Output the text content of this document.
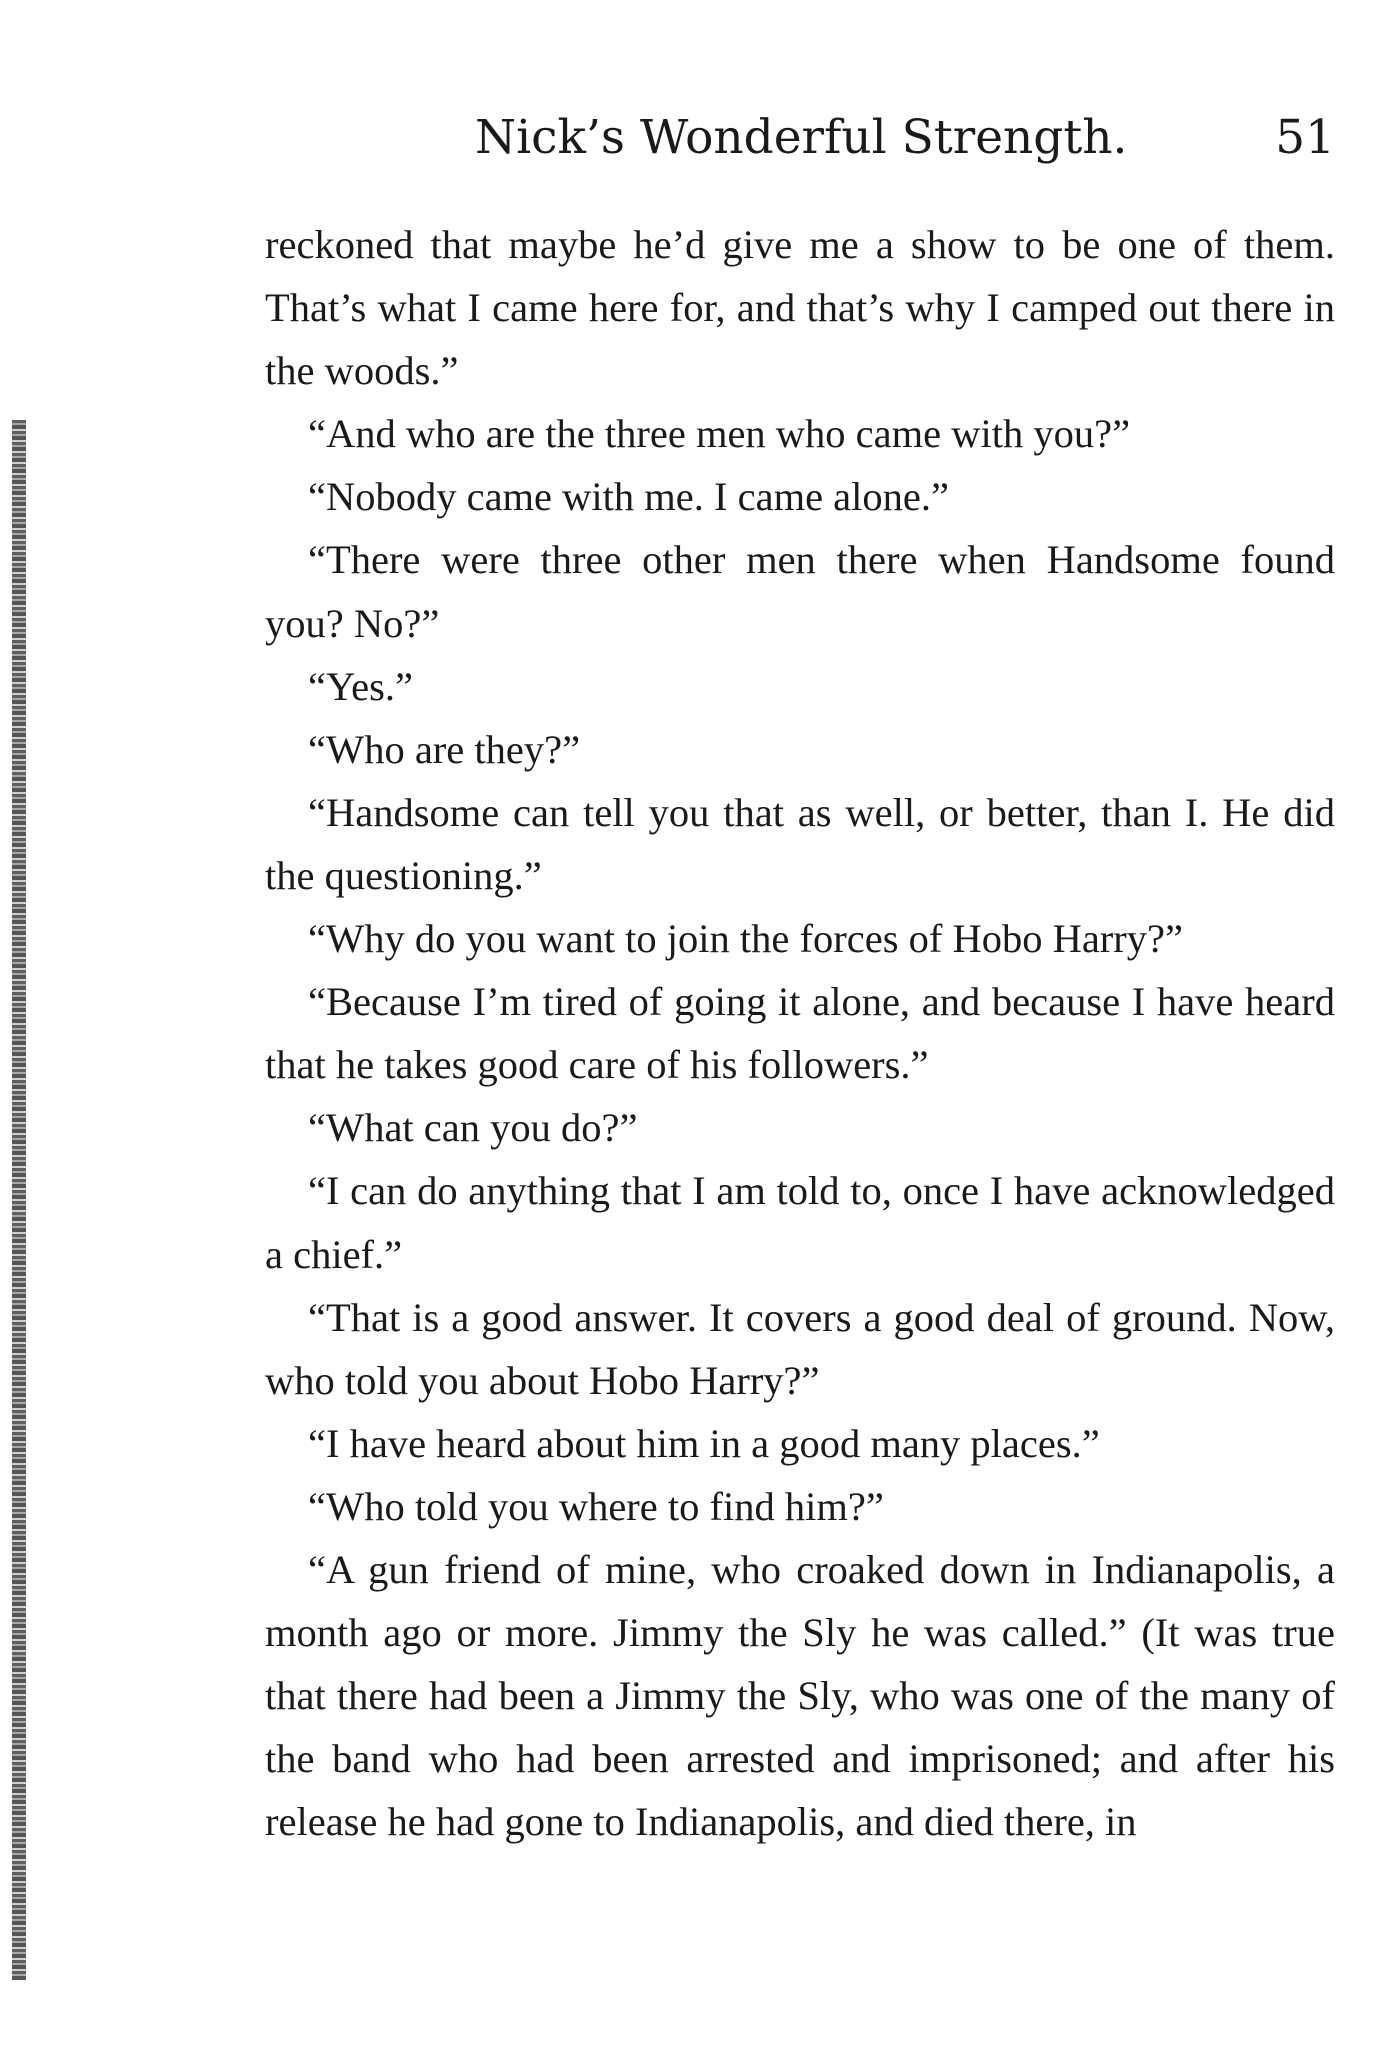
Nick’s Wonderful Strength.	51

reckoned that maybe he’d give me a show to be one of them. That’s what I came here for, and that’s why I camped out there in the woods.”

“And who are the three men who came with you?”

“Nobody came with me. I came alone.”

“There were three other men there when Handsome found you? No?”

“Yes.”

“Who are they?”

“Handsome can tell you that as well, or better, than I. He did the questioning.”

“Why do you want to join the forces of Hobo Harry?”

“Because I’m tired of going it alone, and because I have heard that he takes good care of his followers.”

“What can you do?”

“I can do anything that I am told to, once I have acknowledged a chief.”

“That is a good answer. It covers a good deal of ground. Now, who told you about Hobo Harry?”

“I have heard about him in a good many places.”

“Who told you where to find him?”

“A gun friend of mine, who croaked down in Indianapolis, a month ago or more. Jimmy the Sly he was called.” (It was true that there had been a Jimmy the Sly, who was one of the many of the band who had been arrested and imprisoned; and after his release he had gone to Indianapolis, and died there, in
